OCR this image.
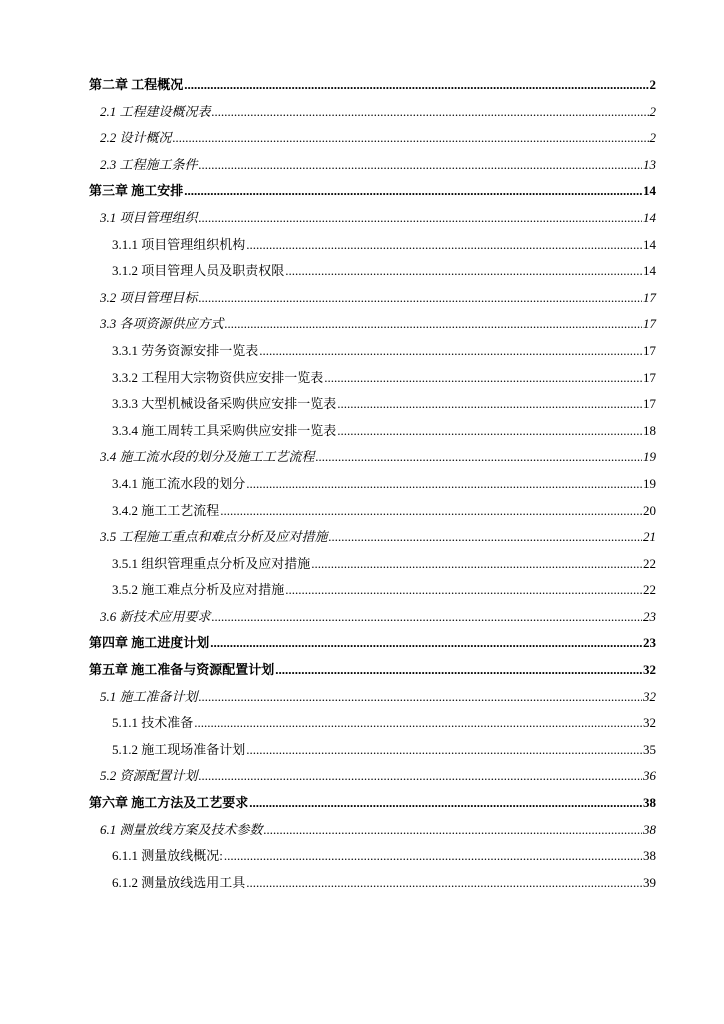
第二章 工程概况 .....	2
2.1 工程建设概况表 .....	2
2.2 设计概况 .....	2
2.3 工程施工条件 .....	13
第三章 施工安排 .....	14
3.1 项目管理组织 .....	14
3.1.1 项目管理组织机构 .....	14
3.1.2 项目管理人员及职责权限 .....	14
3.2 项目管理目标 .....	17
3.3 各项资源供应方式 .....	17
3.3.1 劳务资源安排一览表 .....	17
3.3.2 工程用大宗物资供应安排一览表 .....	17
3.3.3 大型机械设备采购供应安排一览表 .....	17
3.3.4 施工周转工具采购供应安排一览表 .....	18
3.4 施工流水段的划分及施工工艺流程 .....	19
3.4.1 施工流水段的划分 .....	19
3.4.2 施工工艺流程 .....	20
3.5 工程施工重点和难点分析及应对措施 .....	21
3.5.1 组织管理重点分析及应对措施 .....	22
3.5.2 施工难点分析及应对措施 .....	22
3.6 新技术应用要求 .....	23
第四章 施工进度计划 .....	23
第五章 施工准备与资源配置计划 .....	32
5.1 施工准备计划 .....	32
5.1.1 技术准备 .....	32
5.1.2 施工现场准备计划 .....	35
5.2 资源配置计划 .....	36
第六章 施工方法及工艺要求 .....	38
6.1 测量放线方案及技术参数 .....	38
6.1.1 测量放线概况: .....	38
6.1.2 测量放线选用工具 .....	39
